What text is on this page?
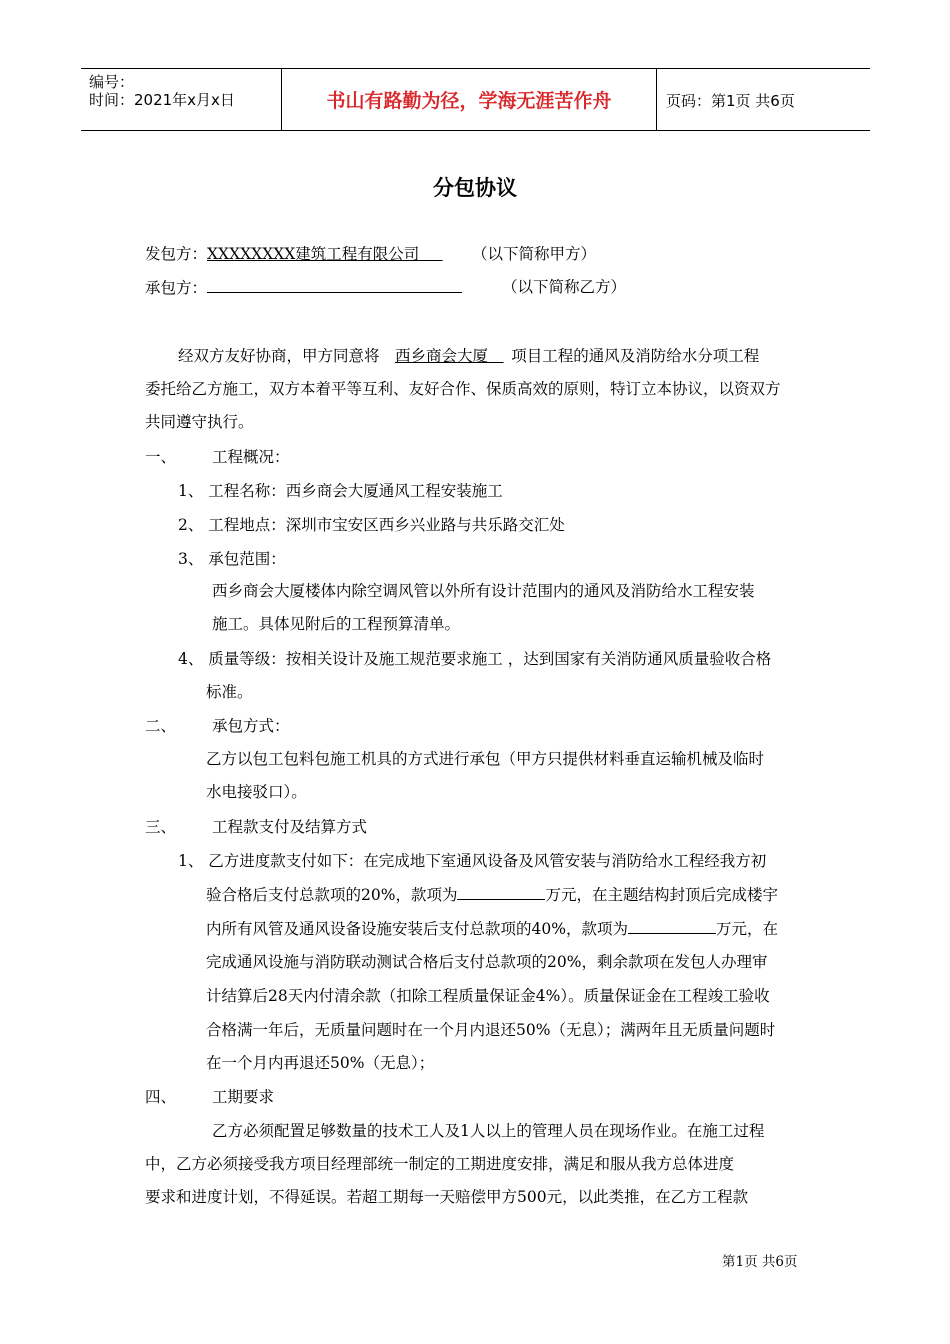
编号：
时间：2021年x月x日	书山有路勤为径，学海无涯苦作舟	页码：第1页 共6页
分包协议
发包方：XXXXXXXX建筑工程有限公司  	（以下简称甲方）
承包方：	（以下简称乙方）
经双方友好协商，甲方同意将  西乡商会大厦   项目工程的通风及消防给水分项工程
委托给乙方施工，双方本着平等互利、友好合作、保质高效的原则，特订立本协议，以资双方
共同遵守执行。
一、 工程概况：
1、 工程名称：西乡商会大厦通风工程安装施工
2、 工程地点：深圳市宝安区西乡兴业路与共乐路交汇处
3、 承包范围：
西乡商会大厦楼体内除空调风管以外所有设计范围内的通风及消防给水工程安装
施工。具体见附后的工程预算清单。
4、 质量等级：按相关设计及施工规范要求施工 ，达到国家有关消防通风质量验收合格
标准。
二、 承包方式：
乙方以包工包料包施工机具的方式进行承包（甲方只提供材料垂直运输机械及临时
水电接驳口）。
三、 工程款支付及结算方式
1、 乙方进度款支付如下：在完成地下室通风设备及风管安装与消防给水工程经我方初
验合格后支付总款项的20%，款项为	万元，在主题结构封顶后完成楼宇
内所有风管及通风设备设施安装后支付总款项的40%，款项为	万元，在
完成通风设施与消防联动测试合格后支付总款项的20%，剩余款项在发包人办理审
计结算后28天内付清余款（扣除工程质量保证金4%）。质量保证金在工程竣工验收
合格满一年后，无质量问题时在一个月内退还50%（无息）；满两年且无质量问题时
在一个月内再退还50%（无息）；
四、 工期要求
乙方必须配置足够数量的技术工人及1人以上的管理人员在现场作业。在施工过程
中，乙方必须接受我方项目经理部统一制定的工期进度安排，满足和服从我方总体进度
要求和进度计划，不得延误。若超工期每一天赔偿甲方500元，以此类推，在乙方工程款
第1页 共6页
